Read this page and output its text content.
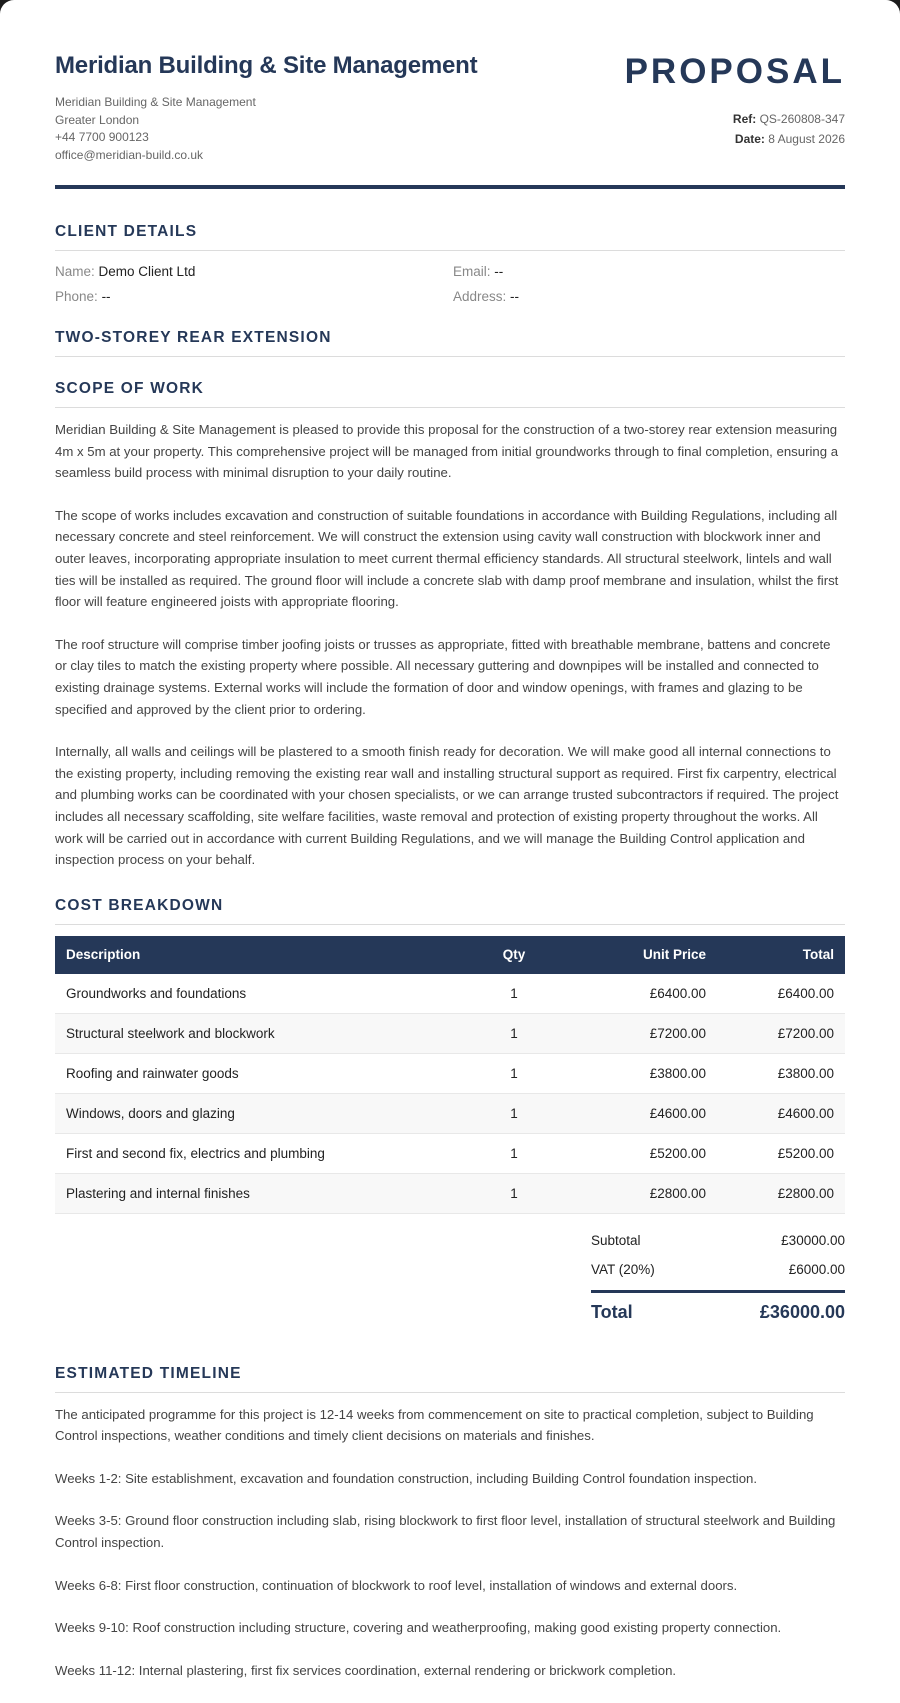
Meridian Building & Site Management
Meridian Building & Site Management
Greater London
+44 7700 900123
office@meridian-build.co.uk
PROPOSAL
Ref: QS-260808-347
Date: 8 August 2026
CLIENT DETAILS
Name: Demo Client Ltd	Email: --
Phone: --	Address: --
TWO-STOREY REAR EXTENSION
SCOPE OF WORK

Meridian Building & Site Management is pleased to provide this proposal for the construction of a two-storey rear extension measuring 4m x 5m at your property. This comprehensive project will be managed from initial groundworks through to final completion, ensuring a seamless build process with minimal disruption to your daily routine.

The scope of works includes excavation and construction of suitable foundations in accordance with Building Regulations, including all necessary concrete and steel reinforcement. We will construct the extension using cavity wall construction with blockwork inner and outer leaves, incorporating appropriate insulation to meet current thermal efficiency standards. All structural steelwork, lintels and wall ties will be installed as required. The ground floor will include a concrete slab with damp proof membrane and insulation, whilst the first floor will feature engineered joists with appropriate flooring.

The roof structure will comprise timber joofing joists or trusses as appropriate, fitted with breathable membrane, battens and concrete or clay tiles to match the existing property where possible. All necessary guttering and downpipes will be installed and connected to existing drainage systems. External works will include the formation of door and window openings, with frames and glazing to be specified and approved by the client prior to ordering.

Internally, all walls and ceilings will be plastered to a smooth finish ready for decoration. We will make good all internal connections to the existing property, including removing the existing rear wall and installing structural support as required. First fix carpentry, electrical and plumbing works can be coordinated with your chosen specialists, or we can arrange trusted subcontractors if required. The project includes all necessary scaffolding, site welfare facilities, waste removal and protection of existing property throughout the works. All work will be carried out in accordance with current Building Regulations, and we will manage the Building Control application and inspection process on your behalf.

COST BREAKDOWN
Description	Qty	Unit Price	Total
Groundworks and foundations	1	£6400.00	£6400.00
Structural steelwork and blockwork	1	£7200.00	£7200.00
Roofing and rainwater goods	1	£3800.00	£3800.00
Windows, doors and glazing	1	£4600.00	£4600.00
First and second fix, electrics and plumbing	1	£5200.00	£5200.00
Plastering and internal finishes	1	£2800.00	£2800.00
Subtotal	£30000.00
VAT (20%)	£6000.00
Total	£36000.00
ESTIMATED TIMELINE

The anticipated programme for this project is 12-14 weeks from commencement on site to practical completion, subject to Building Control inspections, weather conditions and timely client decisions on materials and finishes.

Weeks 1-2: Site establishment, excavation and foundation construction, including Building Control foundation inspection.

Weeks 3-5: Ground floor construction including slab, rising blockwork to first floor level, installation of structural steelwork and Building Control inspection.

Weeks 6-8: First floor construction, continuation of blockwork to roof level, installation of windows and external doors.

Weeks 9-10: Roof construction including structure, covering and weatherproofing, making good existing property connection.

Weeks 11-12: Internal plastering, first fix services coordination, external rendering or brickwork completion.
